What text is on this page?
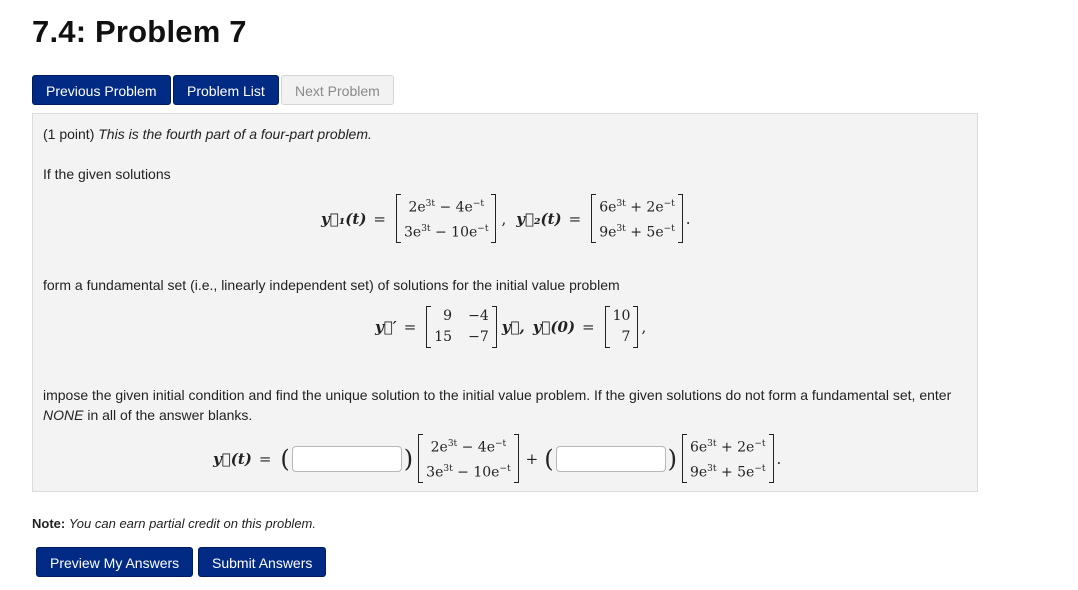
7.4: Problem 7
Previous Problem	Problem List	Next Problem
(1 point) This is the fourth part of a four-part problem.
If the given solutions
y⃗₁(t) =
$2e^{3t} - 4e^{-t}$
$3e^{3t} - 10e^{-t}$
, y⃗₂(t) =
$6e^{3t} + 2e^{-t}$
$9e^{3t} + 5e^{-t}$
.
form a fundamental set (i.e., linearly independent set) of solutions for the initial value problem
y⃗′ =
9 −4
15 −7
y⃗, y⃗(0) =
10
7
,
impose the given initial condition and find the unique solution to the initial value problem. If the given solutions do not form a fundamental set, enter
NONE in all of the answer blanks.
y⃗(t) = (	)	$2e^{3t} - 4e^{-t}$
$3e^{3t} - 10e^{-t}$
+ (	) $6e^{3t} + 2e^{-t}$
$9e^{3t} + 5e^{-t}$
.
Note: You can earn partial credit on this problem.
Preview My Answers	Submit Answers
